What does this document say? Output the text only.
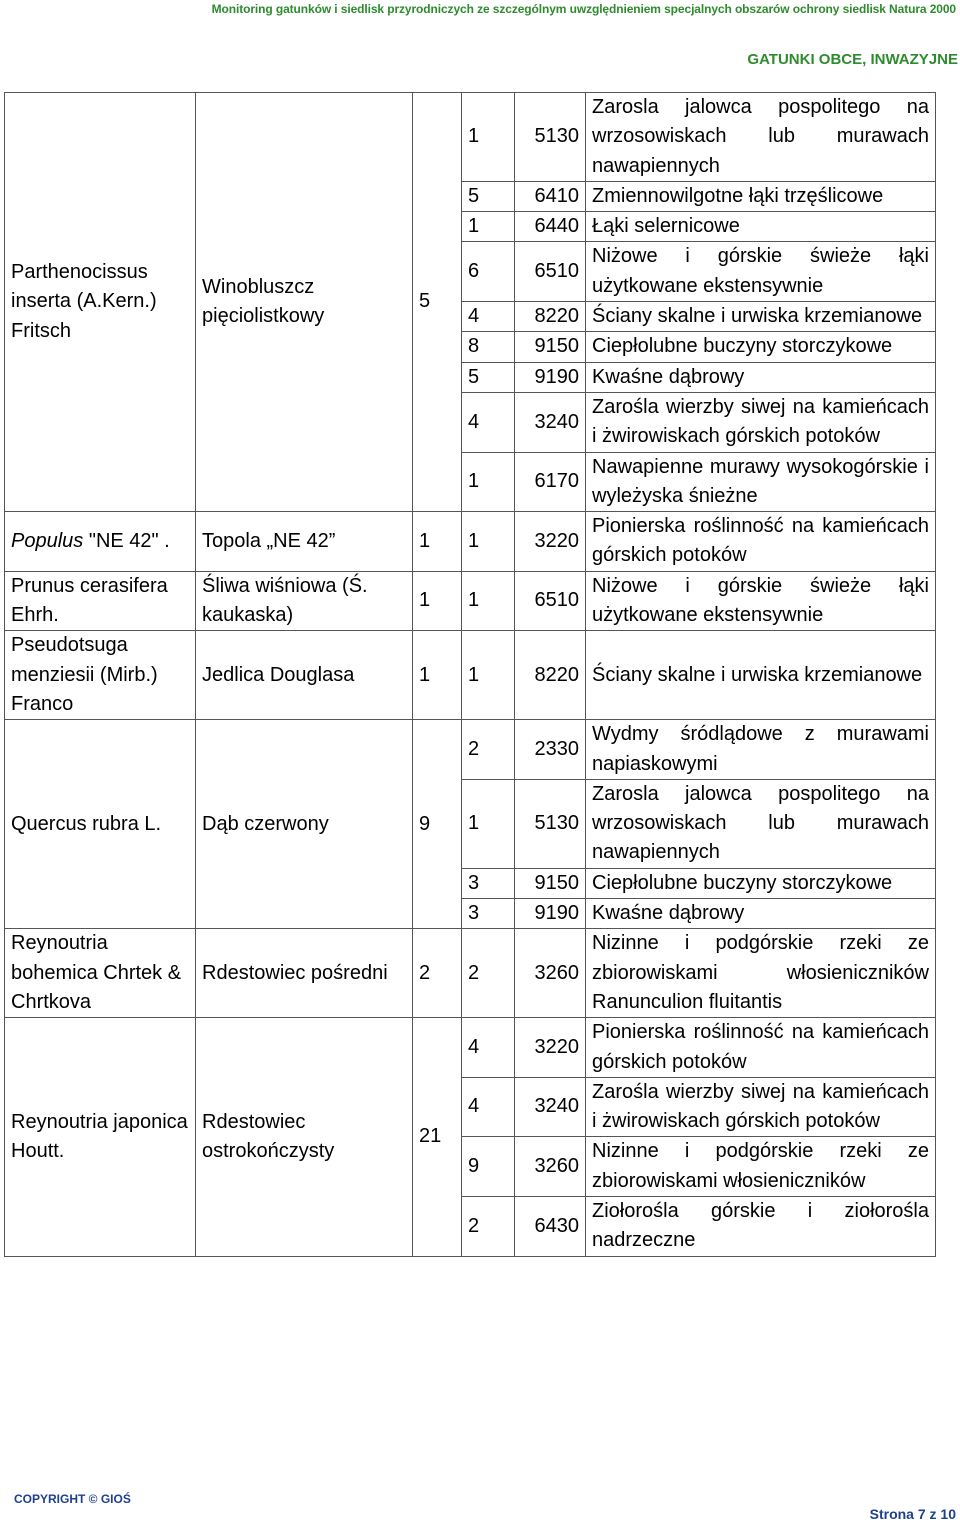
Monitoring gatunków i siedlisk przyrodniczych ze szczególnym uwzględnieniem specjalnych obszarów ochrony siedlisk Natura 2000
GATUNKI OBCE, INWAZYJNE
Parthenocissus inserta (A.Kern.) Fritsch	Winobluszcz pięciolistkowy	5	1	5130	Zarosla jalowca pospolitego na wrzosowiskach lub murawach nawapiennych
			5	6410	Zmiennowilgotne łąki trzęślicowe
			1	6440	Łąki selernicowe
			6	6510	Niżowe i górskie świeże łąki użytkowane ekstensywnie
			4	8220	Ściany skalne i urwiska krzemianowe
			8	9150	Ciepłolubne buczyny storczykowe
			5	9190	Kwaśne dąbrowy
			4	3240	Zarośla wierzby siwej na kamieńcach i żwirowiskach górskich potoków
			1	6170	Nawapienne murawy wysokogórskie i wyleżyska śnieżne
Populus "NE 42" .	Topola „NE 42”	1	1	3220	Pionierska roślinność na kamieńcach górskich potoków
Prunus cerasifera Ehrh.	Śliwa wiśniowa (Ś. kaukaska)	1	1	6510	Niżowe i górskie świeże łąki użytkowane ekstensywnie
Pseudotsuga menziesii (Mirb.) Franco	Jedlica Douglasa	1	1	8220	Ściany skalne i urwiska krzemianowe
Quercus rubra L.	Dąb czerwony	9	2	2330	Wydmy śródlądowe z murawami napiaskowymi
			1	5130	Zarosla jalowca pospolitego na wrzosowiskach lub murawach nawapiennych
			3	9150	Ciepłolubne buczyny storczykowe
			3	9190	Kwaśne dąbrowy
Reynoutria bohemica Chrtek & Chrtkova	Rdestowiec pośredni	2	2	3260	Nizinne i podgórskie rzeki ze zbiorowiskami włosieniczników Ranunculion fluitantis
Reynoutria japonica Houtt.	Rdestowiec ostrokończysty	21	4	3220	Pionierska roślinność na kamieńcach górskich potoków
			4	3240	Zarośla wierzby siwej na kamieńcach i żwirowiskach górskich potoków
			9	3260	Nizinne i podgórskie rzeki ze zbiorowiskami włosieniczników
			2	6430	Ziołorośla górskie i ziołorośla nadrzeczne
COPYRIGHT © GIOŚ
Strona 7 z 10
